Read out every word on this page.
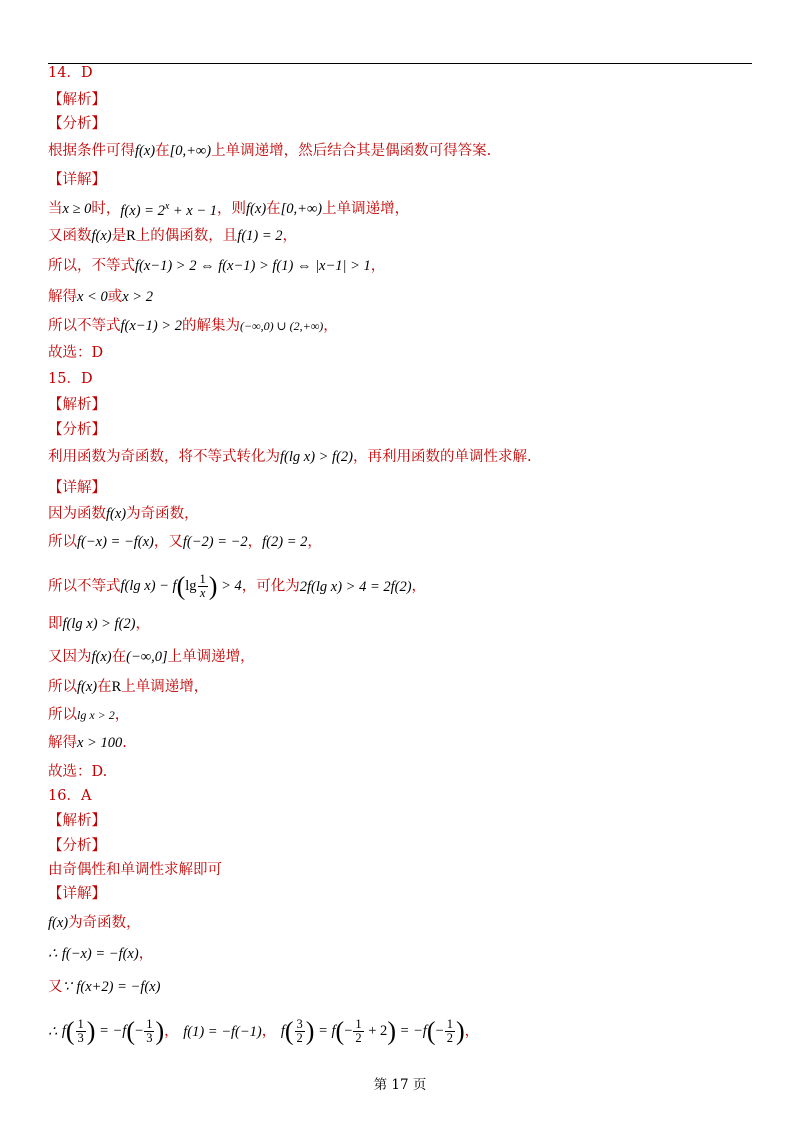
14．D
【解析】
【分析】
根据条件可得f(x)在[0,+∞)上单调递增，然后结合其是偶函数可得答案.
【详解】
当x ≥ 0时，$f(x) = 2^x + x - 1$，则f(x)在[0,+∞)上单调递增，
又函数f(x)是R上的偶函数，且f(1) = 2，
所以，不等式f(x−1) > 2 ⇔ f(x−1) > f(1) ⇔ |x−1| > 1，
解得x < 0或x > 2
所以不等式f(x−1) > 2的解集为(−∞,0) ∪ (2,+∞)，
故选：D
15．D
【解析】
【分析】
利用函数为奇函数，将不等式转化为f(lg x) > f(2)，再利用函数的单调性求解.
【详解】
因为函数f(x)为奇函数，
所以f(−x) = −f(x)，又f(−2) = −2，f(2) = 2，
所以不等式f(lg $x) - f(\lg \frac{1}{x}$ ) > 4，可化为2f(lg x) > 4 = 2f(2)，
即f(lg x) > f(2)，
又因为f(x)在(−∞,0]上单调递增，
所以f(x)在R上单调递增，
所以lg x > 2，
解得x > 100.
故选：D.
16．A
【解析】
【分析】
由奇偶性和单调性求解即可
【详解】
f(x)为奇函数，
∴ f(−x) = −f(x)，
又∵ f(x+2) = −f(x)
∴ $f( \frac{1}{3}$ ) = $-f(- \frac{1}{3}$ )， f(1) = −f(−1)， $f( \frac{3}{2}$ ) = $f(- \frac{1}{2} + 2) = -f(- \frac{1}{2}$ )，
第 17 页
